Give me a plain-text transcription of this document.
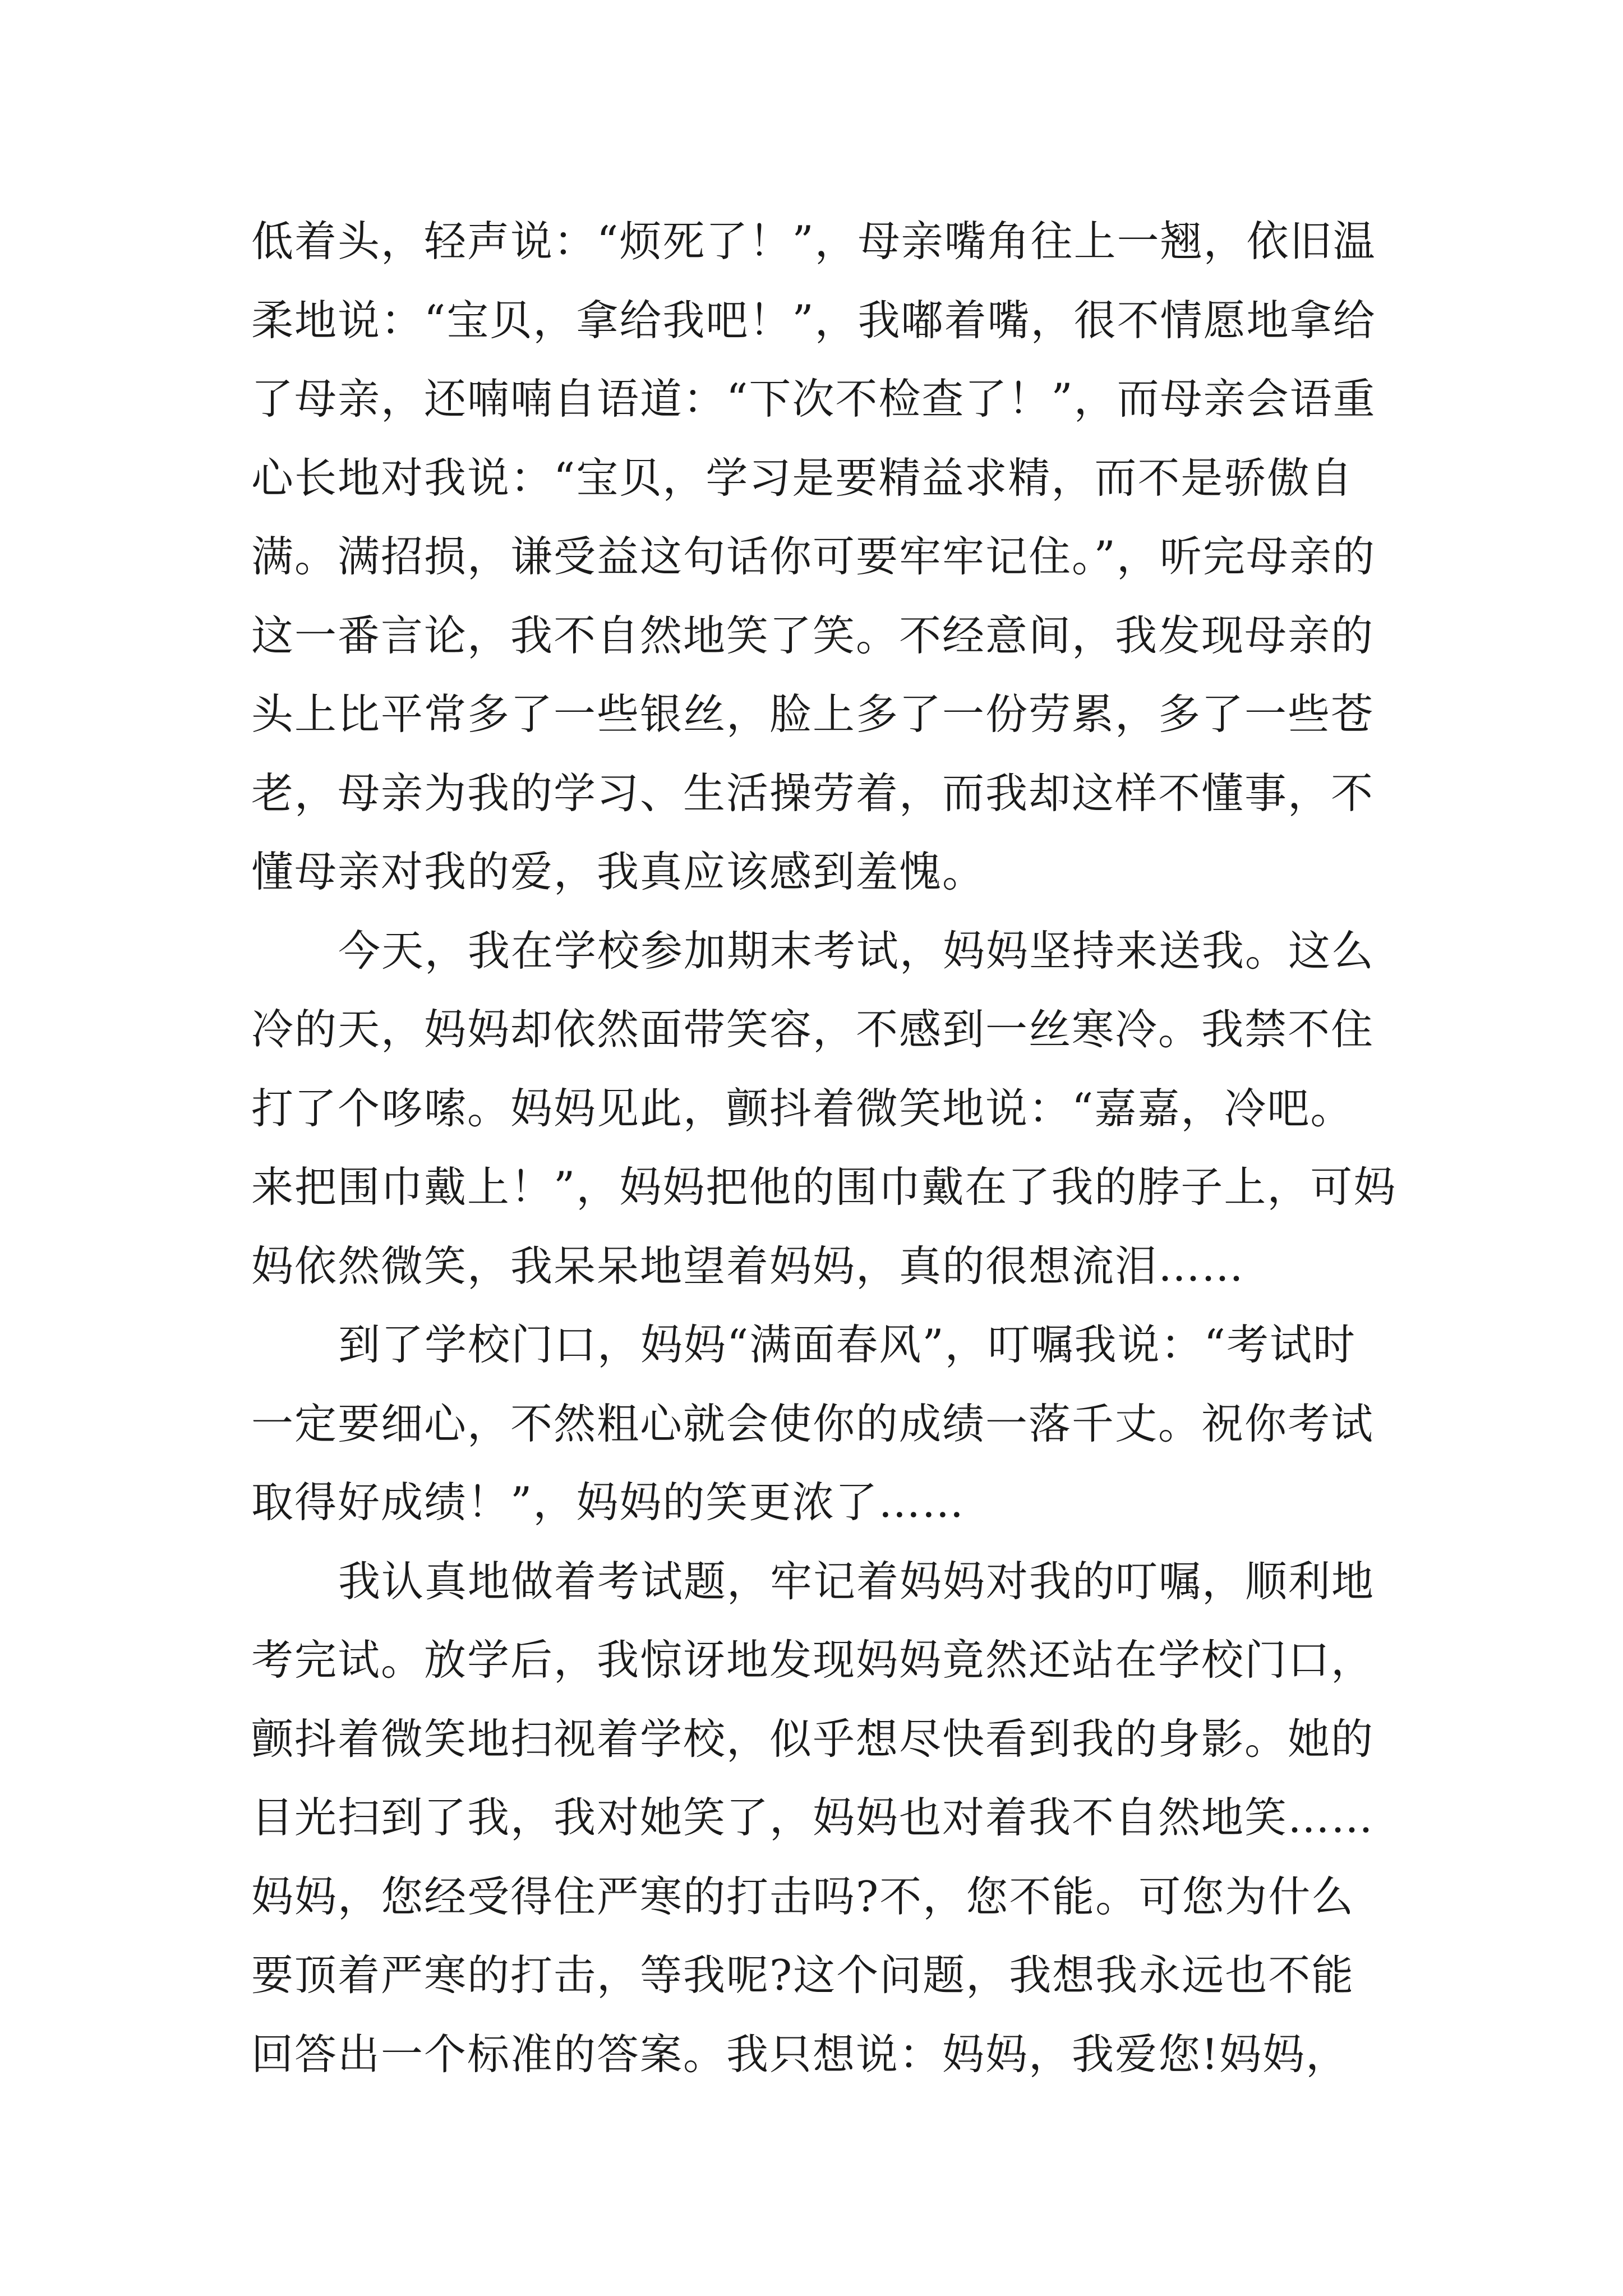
低着头，轻声说：“烦死了！”，母亲嘴角往上一翘，依旧温
柔地说：“宝贝，拿给我吧！”，我嘟着嘴，很不情愿地拿给
了母亲，还喃喃自语道：“下次不检查了！”，而母亲会语重
心长地对我说：“宝贝，学习是要精益求精，而不是骄傲自
满。满招损，谦受益这句话你可要牢牢记住。”，听完母亲的
这一番言论，我不自然地笑了笑。不经意间，我发现母亲的
头上比平常多了一些银丝，脸上多了一份劳累，多了一些苍
老，母亲为我的学习、生活操劳着，而我却这样不懂事，不
懂母亲对我的爱，我真应该感到羞愧。
今天，我在学校参加期末考试，妈妈坚持来送我。这么
冷的天，妈妈却依然面带笑容，不感到一丝寒冷。我禁不住
打了个哆嗦。妈妈见此，颤抖着微笑地说：“嘉嘉，冷吧。
来把围巾戴上！”，妈妈把他的围巾戴在了我的脖子上，可妈
妈依然微笑，我呆呆地望着妈妈，真的很想流泪……
到了学校门口，妈妈“满面春风”，叮嘱我说：“考试时
一定要细心，不然粗心就会使你的成绩一落千丈。祝你考试
取得好成绩！”，妈妈的笑更浓了……
我认真地做着考试题，牢记着妈妈对我的叮嘱，顺利地
考完试。放学后，我惊讶地发现妈妈竟然还站在学校门口，
颤抖着微笑地扫视着学校，似乎想尽快看到我的身影。她的
目光扫到了我，我对她笑了，妈妈也对着我不自然地笑……
妈妈，您经受得住严寒的打击吗?不，您不能。可您为什么
要顶着严寒的打击，等我呢?这个问题，我想我永远也不能
回答出一个标准的答案。我只想说：妈妈，我爱您!妈妈，
